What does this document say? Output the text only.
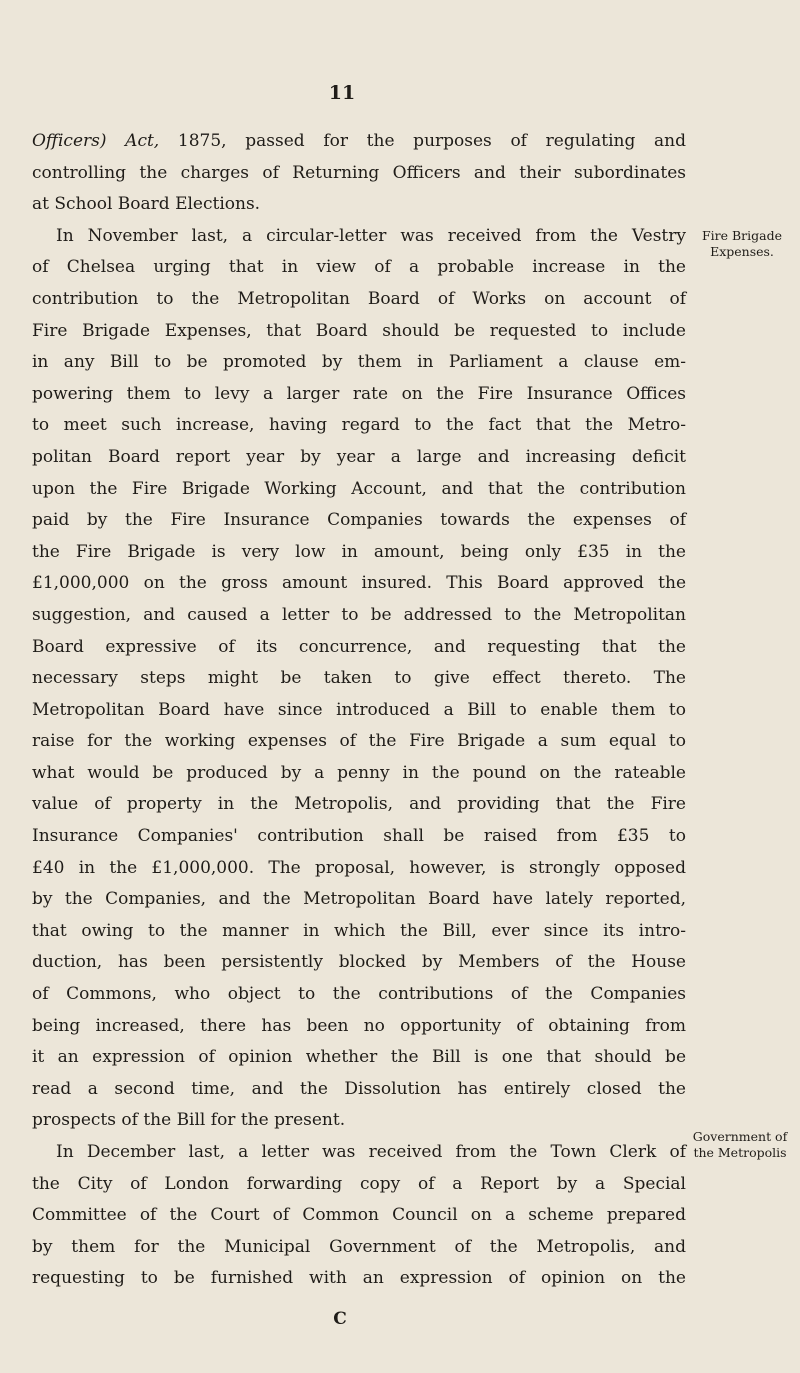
11
Officers) Act, 1875, passed for the purposes of regulating and
controlling the charges of Returning Officers and their subordinates
at School Board Elections.
In November last, a circular-letter was received from the Vestry
of Chelsea urging that in view of a probable increase in the
contribution to the Metropolitan Board of Works on account of
Fire Brigade Expenses, that Board should be requested to include
in any Bill to be promoted by them in Parliament a clause em-
powering them to levy a larger rate on the Fire Insurance Offices
to meet such increase, having regard to the fact that the Metro-
politan Board report year by year a large and increasing deficit
upon the Fire Brigade Working Account, and that the contribution
paid by the Fire Insurance Companies towards the expenses of
the Fire Brigade is very low in amount, being only £35 in the
£1,000,000 on the gross amount insured. This Board approved the
suggestion, and caused a letter to be addressed to the Metropolitan
Board expressive of its concurrence, and requesting that the
necessary steps might be taken to give effect thereto. The
Metropolitan Board have since introduced a Bill to enable them to
raise for the working expenses of the Fire Brigade a sum equal to
what would be produced by a penny in the pound on the rateable
value of property in the Metropolis, and providing that the Fire
Insurance Companies' contribution shall be raised from £35 to
£40 in the £1,000,000. The proposal, however, is strongly opposed
by the Companies, and the Metropolitan Board have lately reported,
that owing to the manner in which the Bill, ever since its intro-
duction, has been persistently blocked by Members of the House
of Commons, who object to the contributions of the Companies
being increased, there has been no opportunity of obtaining from
it an expression of opinion whether the Bill is one that should be
read a second time, and the Dissolution has entirely closed the
prospects of the Bill for the present.
In December last, a letter was received from the Town Clerk of
the City of London forwarding copy of a Report by a Special
Committee of the Court of Common Council on a scheme prepared
by them for the Municipal Government of the Metropolis, and
requesting to be furnished with an expression of opinion on the
Fire Brigade
Expenses.
Government of
the Metropolis
C
